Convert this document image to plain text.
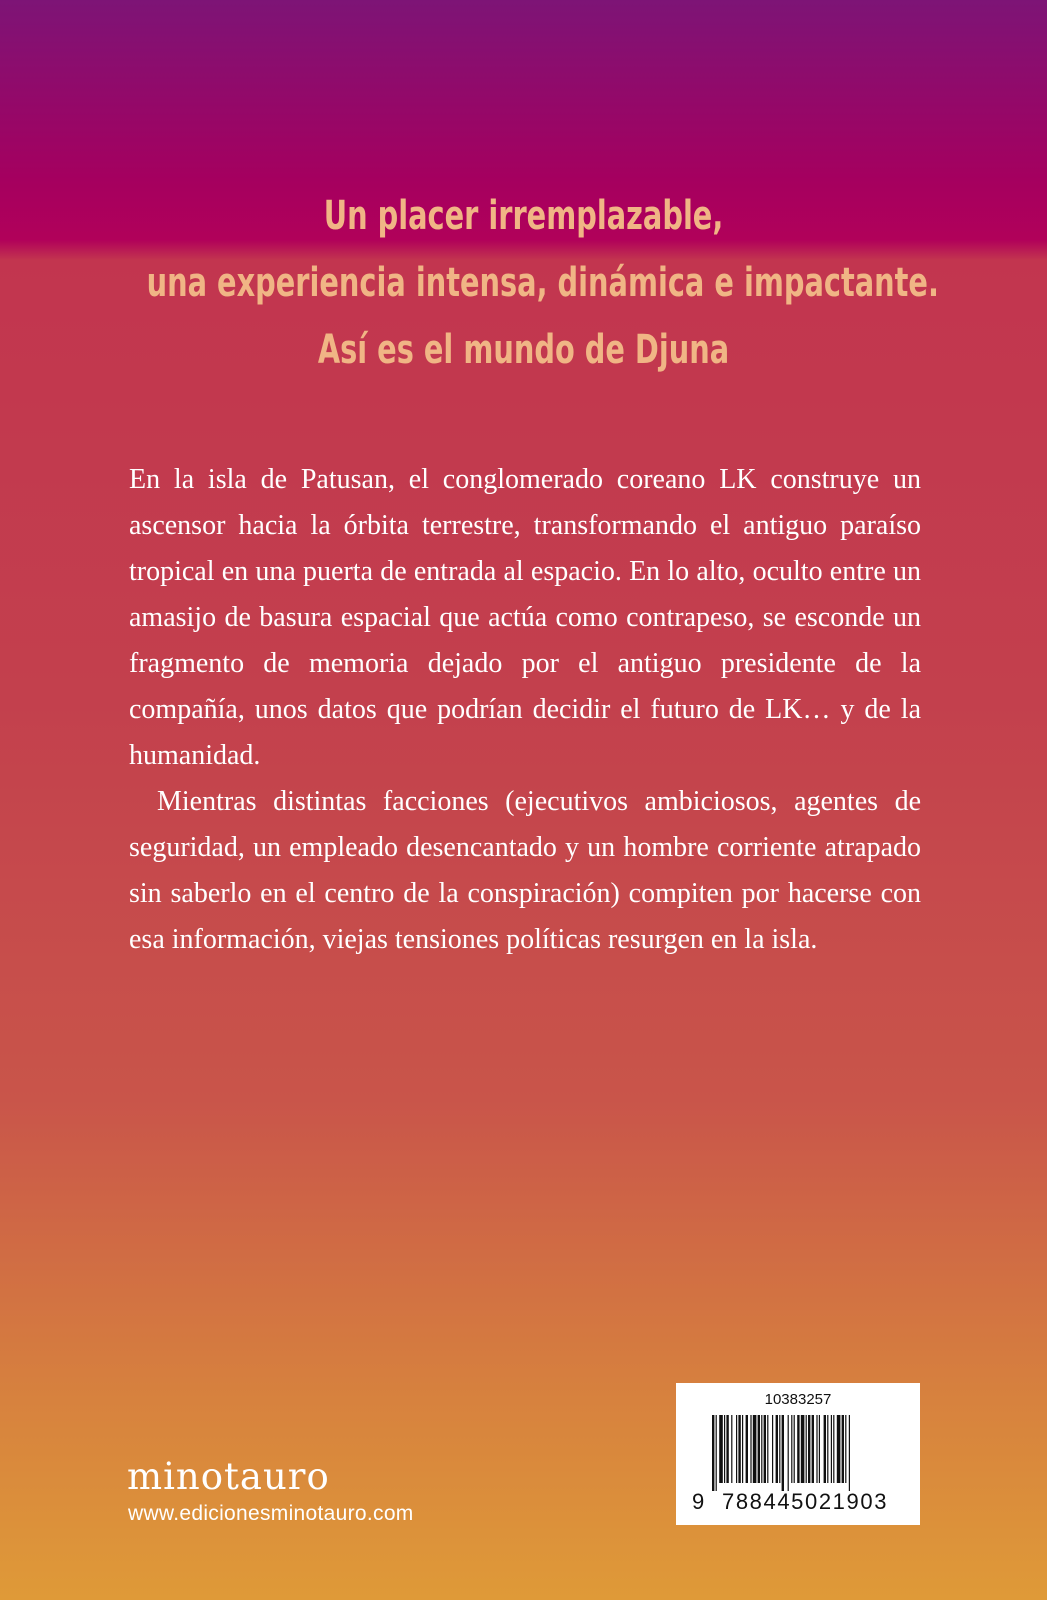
Un placer irremplazable,
una experiencia intensa, dinámica e impactante.
Así es el mundo de Djuna

En la isla de Patusan, el conglomerado coreano LK construye un ascensor hacia la órbita terrestre, transformando el antiguo paraíso tropical en una puerta de entrada al espacio. En lo alto, oculto entre un amasijo de basura espacial que actúa como contrapeso, se esconde un fragmento de memoria dejado por el antiguo presidente de la compañía, unos datos que podrían decidir el futuro de LK… y de la humanidad.

Mientras distintas facciones (ejecutivos ambiciosos, agentes de seguridad, un empleado desencantado y un hombre corriente atrapado sin saberlo en el centro de la conspiración) compiten por hacerse con esa información, viejas tensiones políticas resurgen en la isla.

minotauro
www.edicionesminotauro.com
10383257
9 788445021903
